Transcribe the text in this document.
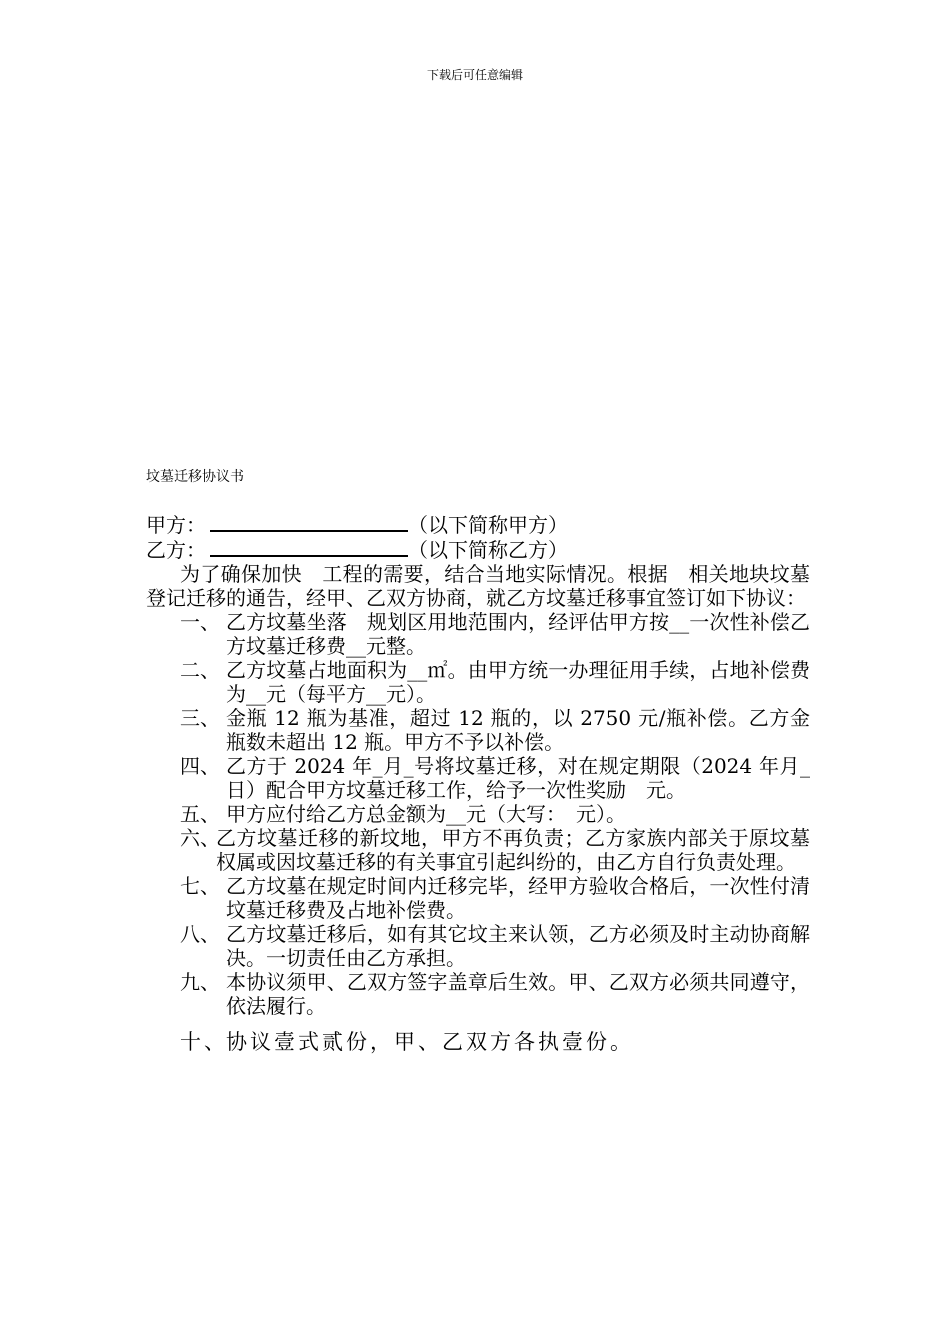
下载后可任意编辑
坟墓迁移协议书
甲方：	（以下简称甲方）
乙方：	（以下简称乙方）
为了确保加快　工程的需要，结合当地实际情况。根据　相关地块坟墓登记迁移的通告，经甲、乙双方协商，就乙方坟墓迁移事宜签订如下协议：
一、 乙方坟墓坐落　规划区用地范围内，经评估甲方按__一次性补偿乙方坟墓迁移费__元整。
二、 乙方坟墓占地面积为__㎡。由甲方统一办理征用手续，占地补偿费为__元（每平方__元）。
三、 金瓶 12 瓶为基准，超过 12 瓶的，以 2750 元/瓶补偿。乙方金瓶数未超出 12 瓶。甲方不予以补偿。
四、 乙方于 2024 年_月_号将坟墓迁移，对在规定期限（2024 年月_日）配合甲方坟墓迁移工作，给予一次性奖励　元。
五、 甲方应付给乙方总金额为__元（大写：　元）。
六、
乙方坟墓迁移的新坟地，甲方不再负责；乙方家族内部关于原坟墓权属或因坟墓迁移的有关事宜引起纠纷的，由乙方自行负责处理。
七、 乙方坟墓在规定时间内迁移完毕，经甲方验收合格后，一次性付清坟墓迁移费及占地补偿费。
八、 乙方坟墓迁移后，如有其它坟主来认领，乙方必须及时主动协商解决。一切责任由乙方承担。
九、 本协议须甲、乙双方签字盖章后生效。甲、乙双方必须共同遵守，依法履行。
十、
协议壹式贰份，甲、乙双方各执壹份。
